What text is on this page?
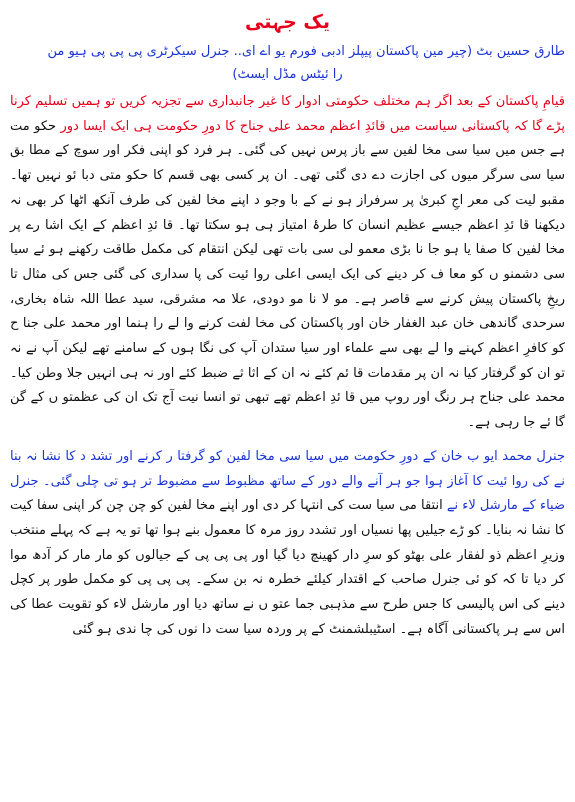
یک جہتی

طارق حسین بٹ (چیر مین پاکستان پیپلز ادبی فورم یو اے ای.. جنرل سیکرٹری پی پی پی ہیو من
را ئیٹس مڈل ایسٹ)

قیامِ پاکستان کے بعد اگر ہم مختلف حکومتی ادوار کا غیر جانبداری سے تجزیہ کریں تو ہمیں تسلیم کرنا پڑے گا کہ پاکستانی سیاست میں قائدِ اعظم محمد علی جناح کا دورِ حکومت ہی ایک ایسا دور حکو مت ہے جس میں سیا سی مخا لفین سے باز پرس نہیں کی گئی۔ ہر فرد کو اپنی فکر اور سوچ کے مطا بق سیا سی سرگر میوں کی اجازت دے دی گئی تھی۔ ان پر کسی بھی قسم کا حکو متی دبا ئو نہیں تھا۔ مقبو لیت کی معر اجِ کبریٰ پر سرفراز ہو نے کے با وجو د اپنے مخا لفین کی طرف آنکھ اٹھا کر بھی نہ دیکھنا قا ئدِ اعظم جیسے عظیم انسان کا طرۂ امتیاز ہی ہو سکتا تھا۔ قا ئدِ اعظم کے ایک اشا رے پر مخا لفین کا صفا یا ہو جا نا بڑی معمو لی سی بات تھی لیکن انتقام کی مکمل طاقت رکھنے ہو ئے سیا سی دشمنو ں کو معا ف کر دینے کی ایک ایسی اعلی روا ئیت کی پا سداری کی گئی جس کی مثال تا ریخِ پاکستان پیش کرنے سے قاصر ہے۔ مو لا نا مو دودی، علا مہ مشرقی، سید عطا اللہ شاہ بخاری، سرحدی گاندھی خان عبد الغفار خان اور پاکستان کی مخا لفت کرنے وا لے را ہنما اور محمد علی جنا ح کو کافرِ اعظم کہنے وا لے بھی سے علماء اور سیا ستدان آپ کی نگا ہوں کے سامنے تھے لیکن آپ نے نہ تو ان کو گرفتار کیا نہ ان پر مقدمات قا ئم کئے نہ ان کے اثا ثے ضبط کئے اور نہ ہی انہیں جلا وطن کیا۔ محمد علی جناح ہر رنگ اور روپ میں قا ئدِ اعظم تھے تبھی تو انسا نیت آج تک ان کی عظمتو ں کے گن گا ئے جا رہی ہے۔

جنرل محمد ایو ب خان کے دورِ حکومت میں سیا سی مخا لفین کو گرفتا ر کرنے اور تشد د کا نشا نہ بنا نے کی روا ئیت کا آغاز ہوا جو ہر آنے والے دور کے ساتھ مظبوط سے مضبوط تر ہو تی چلی گئی۔ جنرل ضیاء کے مارشل لاء نے انتقا می سیا ست کی انتہا کر دی اور اپنے مخا لفین کو چن چن کر اپنی سفا کیت کا نشا نہ بنایا۔ کو ڑے جیلیں پھا نسیاں اور تشدد روز مرہ کا معمول بنے ہوا تھا تو یہ ہے کہ پہلے منتخب وزیرِ اعظم ذو لفقار علی بھٹو کو سرِ دار کھینچ دیا گیا اور پی پی پی کے جیالوں کو مار مار کر آدھ موا کر دیا تا کہ کو ئی جنرل صاحب کے اقتدار کیلئے خطرہ نہ بن سکے۔ پی پی پی کو مکمل طور پر کچل دینے کی اس پالیسی کا جس طرح سے مذہبی جما عتو ں نے ساتھ دیا اور مارشل لاء کو تقویت عطا کی اس سے ہر پاکستانی آگاہ ہے۔ اسٹیبلشمنٹ کے پر وردہ سیا ست دا نوں کی چا ندی ہو گئی
